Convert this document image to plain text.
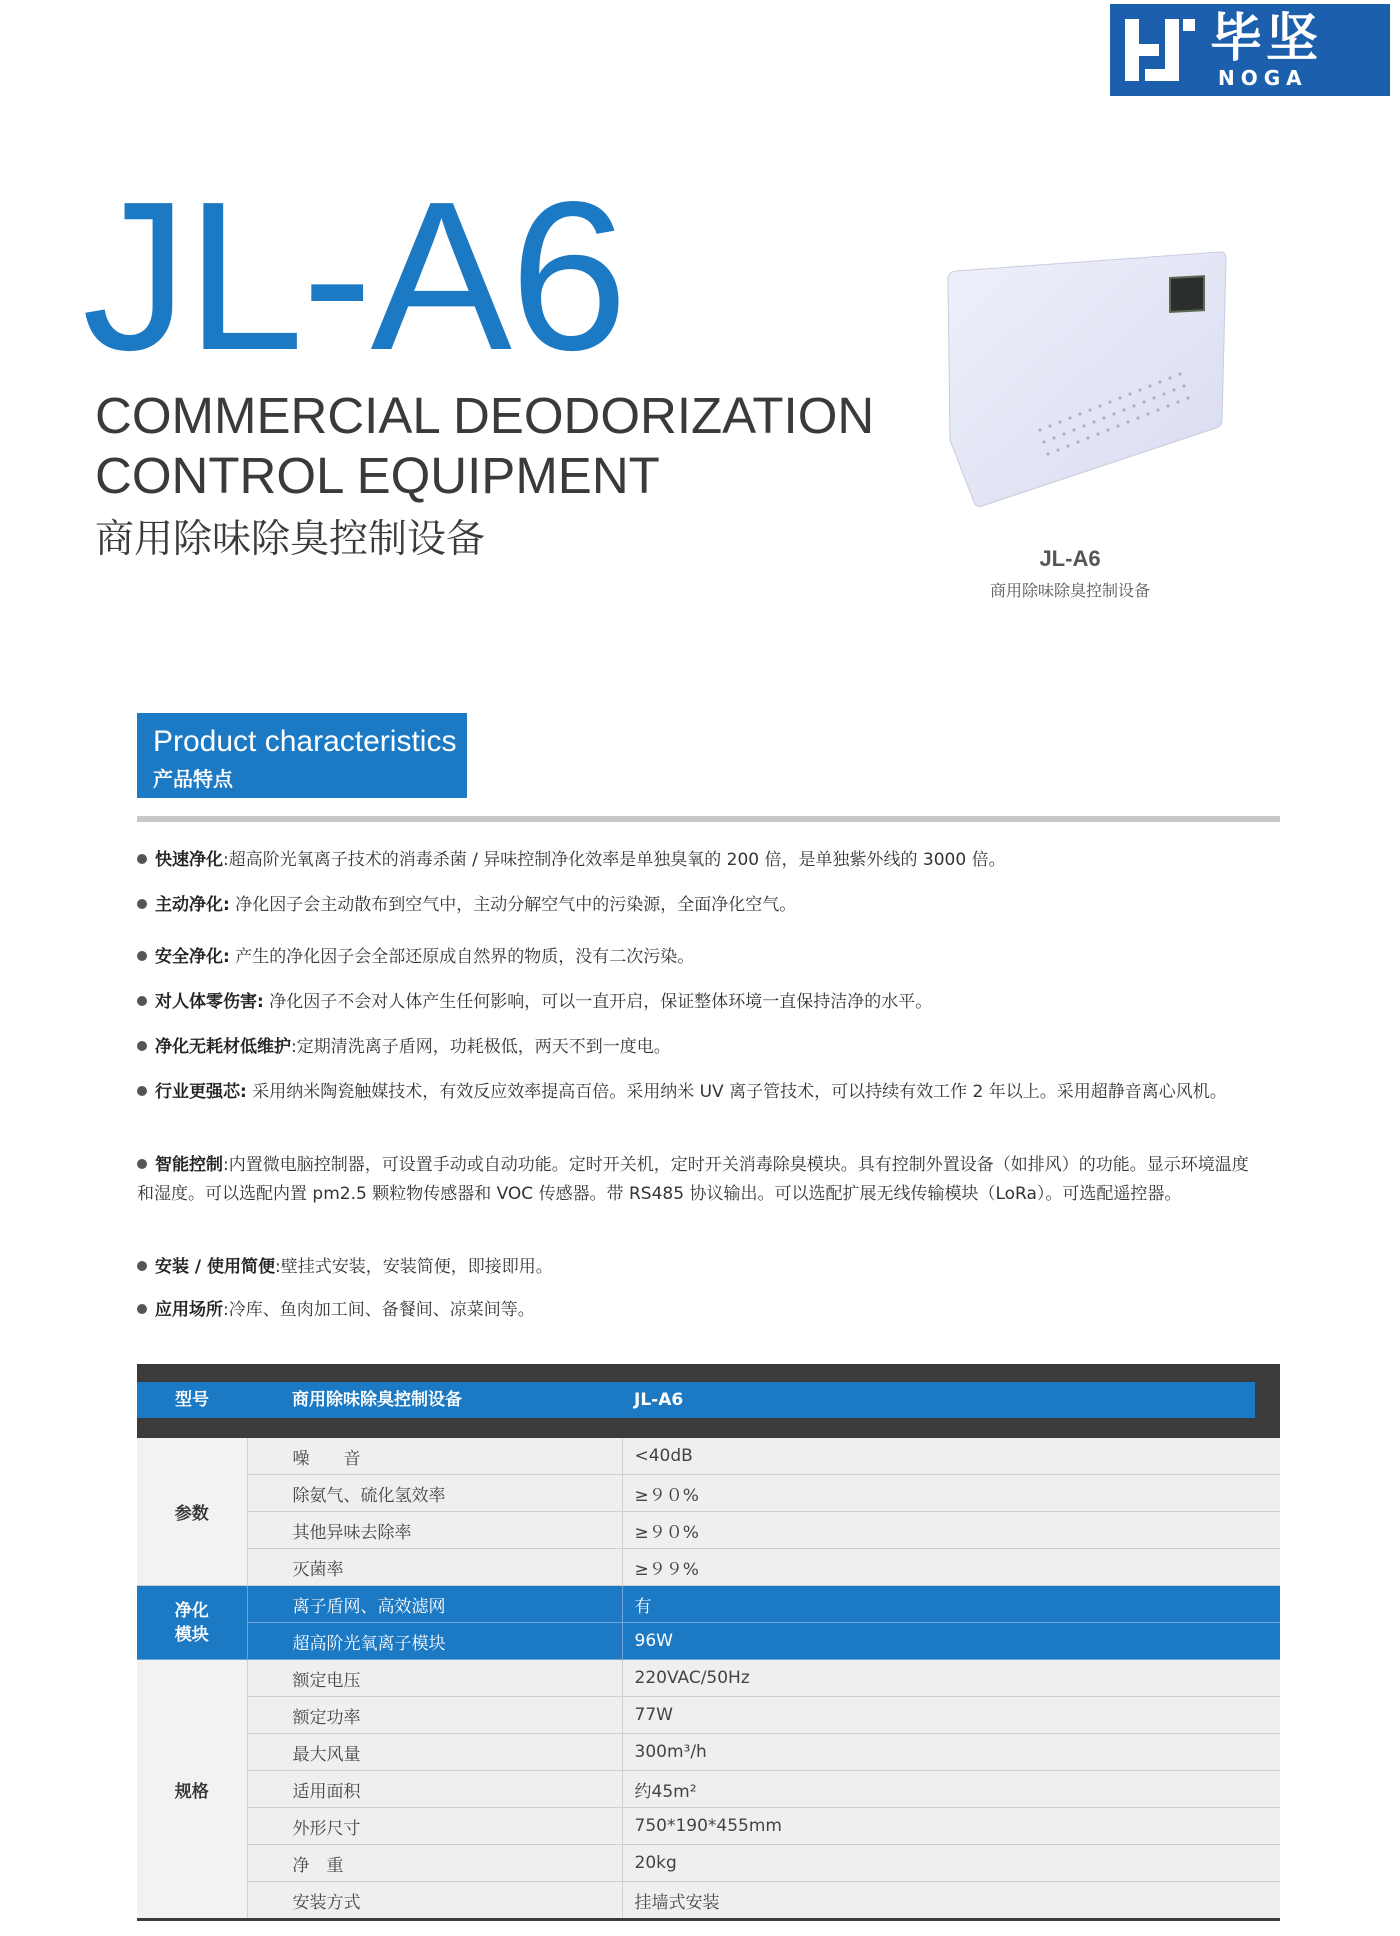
毕坚
NOGA
JL-A6
COMMERCIAL DEODORIZATION
CONTROL EQUIPMENT
商用除味除臭控制设备	JL-A6
商用除味除臭控制设备
Product characteristics
产品特点
快速净化:超高阶光氧离子技术的消毒杀菌 / 异味控制净化效率是单独臭氧的 200 倍，是单独紫外线的 3000 倍。
主动净化: 净化因子会主动散布到空气中，主动分解空气中的污染源，全面净化空气。
安全净化: 产生的净化因子会全部还原成自然界的物质，没有二次污染。
对人体零伤害: 净化因子不会对人体产生任何影响，可以一直开启，保证整体环境一直保持洁净的水平。
净化无耗材低维护:定期清洗离子盾网，功耗极低，两天不到一度电。
行业更强芯: 采用纳米陶瓷触媒技术，有效反应效率提高百倍。采用纳米 UV 离子管技术，可以持续有效工作 2 年以上。采用超静音离心风机。
智能控制:内置微电脑控制器，可设置手动或自动功能。定时开关机，定时开关消毒除臭模块。具有控制外置设备（如排风）的功能。显示环境温度和湿度。可以选配内置 pm2.5 颗粒物传感器和 VOC 传感器。带 RS485 协议输出。可以选配扩展无线传输模块（LoRa）。可选配遥控器。
安装 / 使用简便:壁挂式安装，安装简便，即接即用。
应用场所:冷库、鱼肉加工间、备餐间、凉菜间等。

型号	商用除味除臭控制设备	JL-A6

参数	噪　　音	<40dB
	除氨气、硫化氢效率	≥９０%
	其他异味去除率	≥９０%
	灭菌率	≥９９%

净化
模块	离子盾网、高效滤网	有
	超高阶光氧离子模块	96W
规格	额定电压	220VAC/50Hz
	额定功率	77W
	最大风量	300m³/h
	适用面积	约45m²
	外形尺寸	750*190*455mm
	净　重	20kg
	安装方式	挂墙式安装
